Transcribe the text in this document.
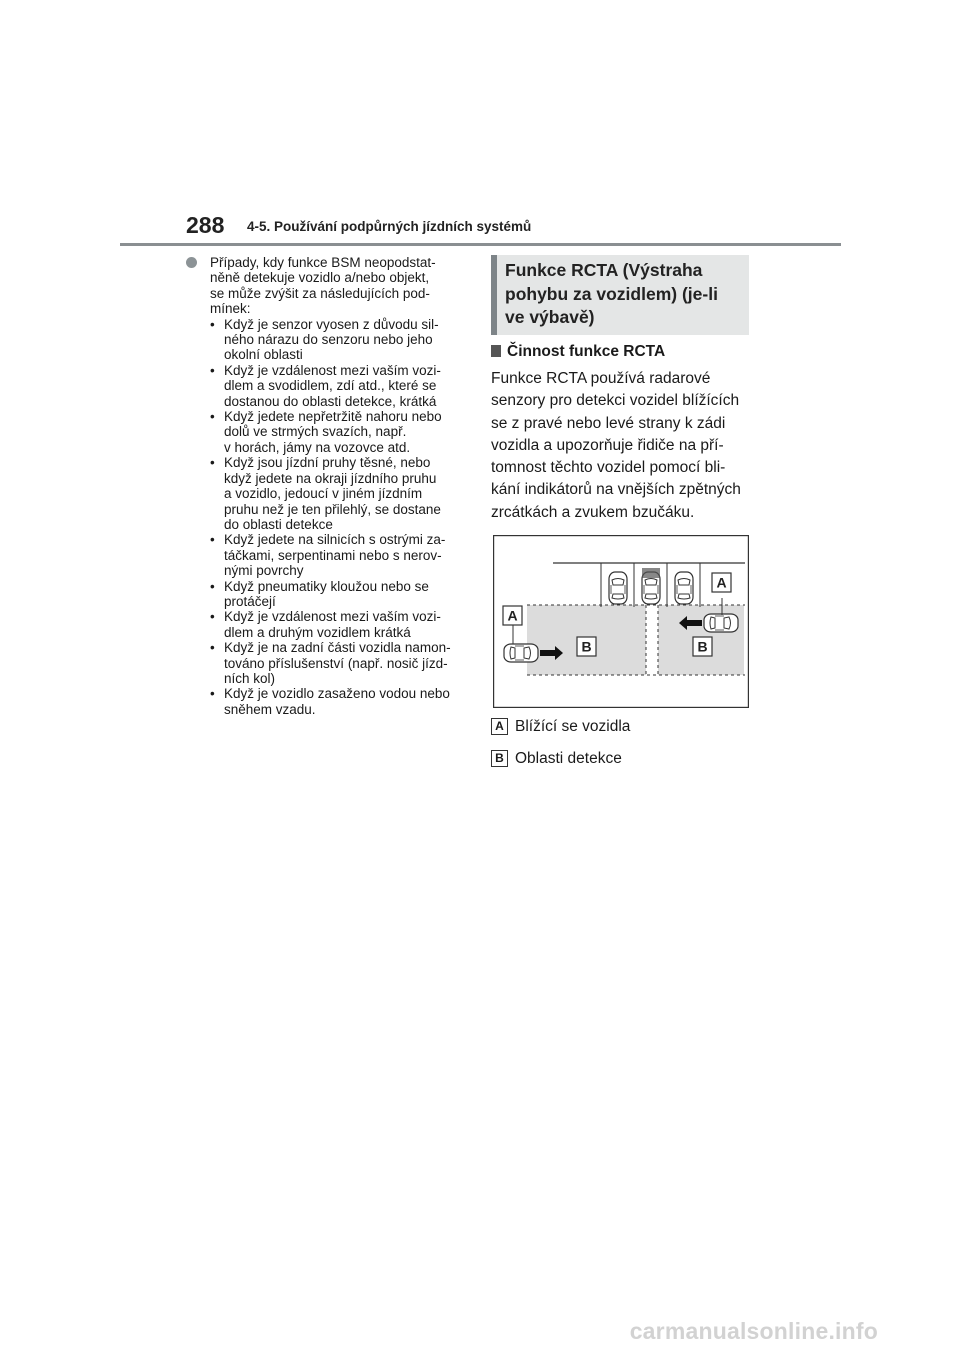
288 4-5. Používání podpůrných jízdních systémů

Případy, kdy funkce BSM neopodstat-
něně detekuje vozidlo a/nebo objekt,
se může zvýšit za následujících pod-
mínek:

• Když je senzor vyosen z důvodu sil-
ného nárazu do senzoru nebo jeho
okolní oblasti
• Když je vzdálenost mezi vaším vozi-
dlem a svodidlem, zdí atd., které se
dostanou do oblasti detekce, krátká
• Když jedete nepřetržitě nahoru nebo
dolů ve strmých svazích, např.
v horách, jámy na vozovce atd.
• Když jsou jízdní pruhy těsné, nebo
když jedete na okraji jízdního pruhu
a vozidlo, jedoucí v jiném jízdním
pruhu než je ten přilehlý, se dostane
do oblasti detekce
• Když jedete na silnicích s ostrými za-
táčkami, serpentinami nebo s nerov-
nými povrchy
• Když pneumatiky kloužou nebo se
protáčejí
• Když je vzdálenost mezi vaším vozi-
dlem a druhým vozidlem krátká
• Když je na zadní části vozidla namon-
továno příslušenství (např. nosič jízd-
ních kol)
• Když je vozidlo zasaženo vodou nebo
sněhem vzadu.
Funkce RCTA (Výstraha
pohybu za vozidlem) (je-li
ve výbavě)
Činnost funkce RCTA

Funkce RCTA používá radarové
senzory pro detekci vozidel blížících
se z pravé nebo levé strany k zádi
vozidla a upozorňuje řidiče na pří-
tomnost těchto vozidel pomocí bli-
kání indikátorů na vnějších zpětných
zrcátkách a zvukem bzučáku.

A
A
B	B
A Blížící se vozidla
B Oblasti detekce
carmanualsonline.info
